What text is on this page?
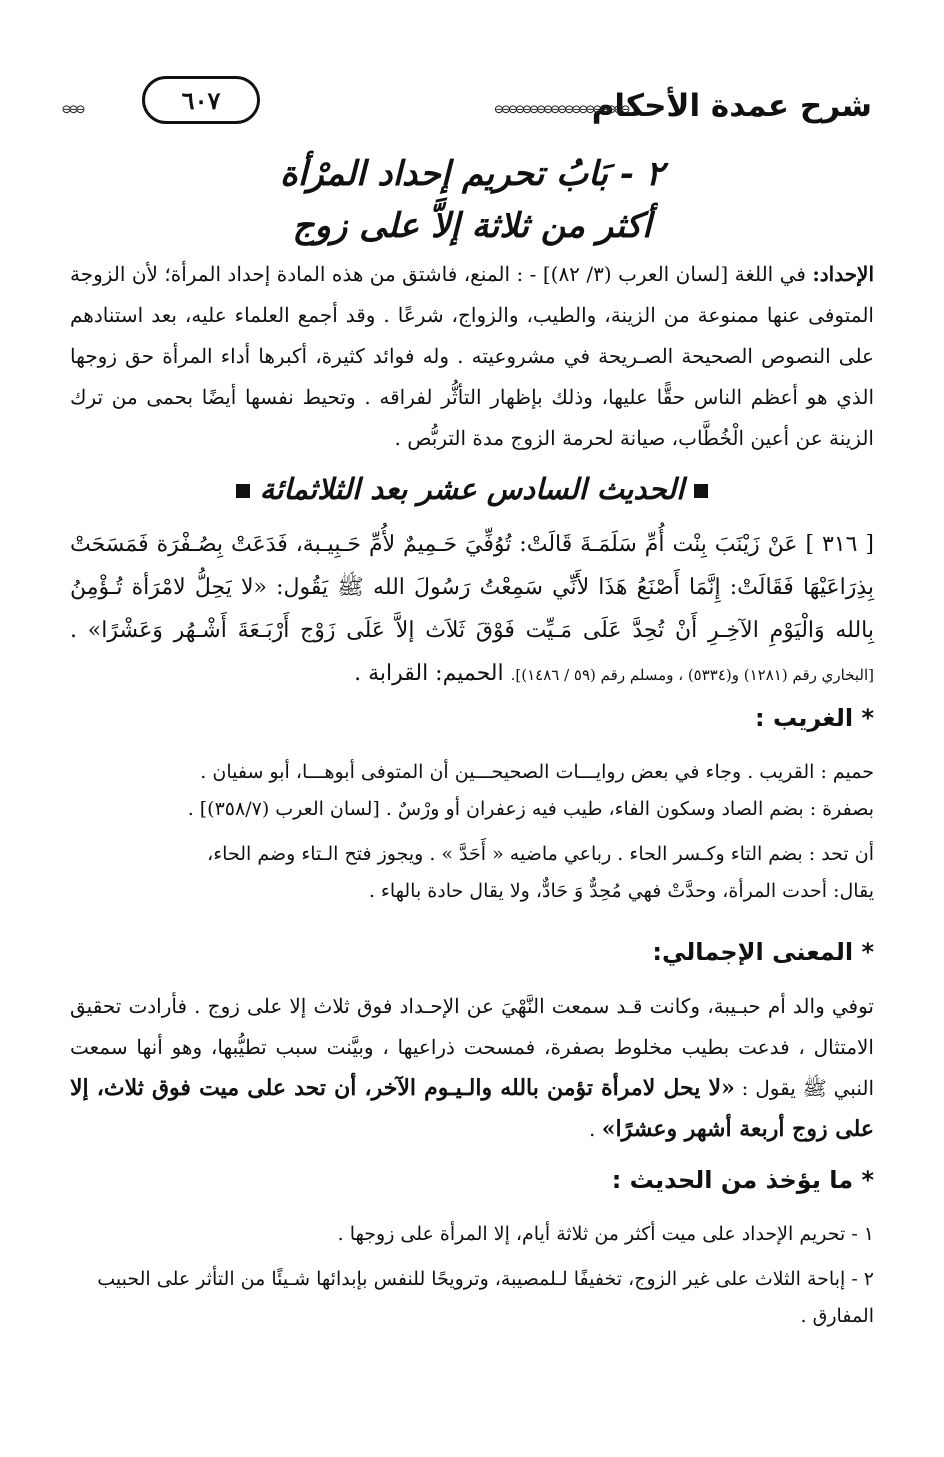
شرح عمدة الأحكام
⊖⊖⊖⊖⊖⊖⊖⊖⊖⊖⊖⊖⊖⊖⊖⊖⊖⊖⊖
٦٠٧
⊖⊖⊖
٢ - بَابُ تحريم إحداد المرْأة
أكثر من ثلاثة إلاَّ على زوج
الإحداد: في اللغة [لسان العرب (٣/ ٨٢)] - : المنع، فاشتق من هذه المادة إحداد المرأة؛ لأن الزوجة المتوفى عنها ممنوعة من الزينة، والطيب، والزواج، شرعًا . وقد أجمع العلماء عليه، بعد استنادهم على النصوص الصحيحة الصـريحة في مشروعيته . وله فوائد كثيرة، أكبرها أداء المرأة حق زوجها الذي هو أعظم الناس حقًّا عليها، وذلك بإظهار التأثُّر لفراقه . وتحيط نفسها أيضًا بحمى من ترك الزينة عن أعين الْخُطَّاب، صيانة لحرمة الزوج مدة التربُّص .
الحديث السادس عشر بعد الثلاثمائة
[ ٣١٦ ] عَنْ زَيْنَبَ بِنْت أُمِّ سَلَمَـةَ قَالَتْ: تُوُفِّيَ حَـمِيمٌ لأُمِّ حَـبِيـبة، فَدَعَتْ بِصُـفْرَة فَمَسَحَتْ بِذِرَاعَيْهَا فَقَالَتْ: إِنَّمَا أَصْنَعُ هَذَا لأَنِّي سَمِعْتُ رَسُولَ الله ﷺ يَقُول: «لا يَحِلُّ لامْرَأة تُـؤْمِنُ بِالله وَالْيَوْمِ الآخِـرِ أَنْ تُحِدَّ عَلَى مَـيِّت فَوْقَ ثَلاَث إلاَّ عَلَى زَوْج أَرْبَـعَةَ أَشْـهُر وَعَشْرًا» . [البخاري رقم (١٢٨١) و(٥٣٣٤) ، ومسلم رقم (٥٩ / ١٤٨٦)]. الحميم: القرابة .
* الغريب :

حميم : القريب . وجاء في بعض روايـــات الصحيحـــين أن المتوفى أبوهـــا، أبو سفيان .

بصفرة : بضم الصاد وسكون الفاء، طيب فيه زعفران أو ورْسٌ . [لسان العرب (٣٥٨/٧)] .

أن تحد : بضم التاء وكـسر الحاء . رباعي ماضيه « أَحَدَّ » . ويجوز فتح الـتاء وضم الحاء،

يقال: أحدت المرأة، وحدَّتْ فهي مُحِدٌّ وَ حَادٌّ، ولا يقال حادة بالهاء .

* المعنى الإجمالي:
توفي والد أم حبـيبة، وكانت قـد سمعت النَّهْيَ عن الإحـداد فوق ثلاث إلا على زوج . فأرادت تحقيق الامتثال ، فدعت بطيب مخلوط بصفرة، فمسحت ذراعيها ، وبيَّنت سبب تطيُّبها، وهو أنها سمعت النبي ﷺ يقول : «لا يحل لامرأة تؤمن بالله والـيـوم الآخر، أن تحد على ميت فوق ثلاث، إلا على زوج أربعة أشهر وعشرًا» .
* ما يؤخذ من الحديث :

١ - تحريم الإحداد على ميت أكثر من ثلاثة أيام، إلا المرأة على زوجها .

٢ - إباحة الثلاث على غير الزوج، تخفيفًا لـلمصيبة، وترويحًا للنفس بإبدائها شـيئًا من التأثر على الحبيب المفارق .
